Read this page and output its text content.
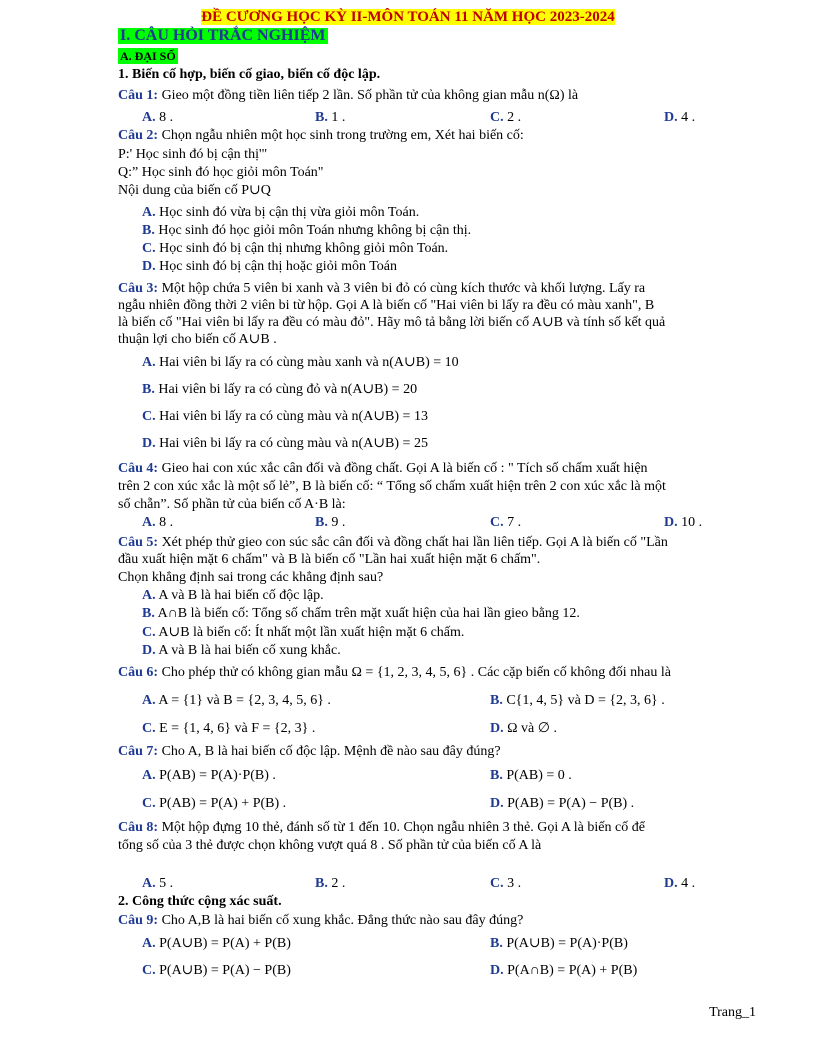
ĐỀ CƯƠNG HỌC KỲ II-MÔN TOÁN 11 NĂM HỌC 2023-2024
I. CÂU HỎI TRẮC NGHIỆM
A. ĐẠI SỐ
1. Biến cố hợp, biến cố giao, biến cố độc lập.
Câu 1: Gieo một đồng tiền liên tiếp 2 lần. Số phần tử của không gian mẫu n(Ω) là
A. 8 .	B. 1 .	C. 2 .	D. 4 .
Câu 2: Chọn ngẫu nhiên một học sinh trong trường em, Xét hai biến cố:
P:' Học sinh đó bị cận thị'"
Q:” Học sinh đó học giỏi môn Toán"
Nội dung của biến cố P∪Q
A. Học sinh đó vừa bị cận thị vừa giỏi môn Toán.
B. Học sinh đó học giỏi môn Toán nhưng không bị cận thị.
C. Học sinh đó bị cận thị nhưng không giỏi môn Toán.
D. Học sinh đó bị cận thị hoặc giỏi môn Toán
Câu 3: Một hộp chứa 5 viên bi xanh và 3 viên bi đỏ có cùng kích thước và khối lượng. Lấy ra
ngẫu nhiên đồng thời 2 viên bi từ hộp. Gọi A là biến cố "Hai viên bi lấy ra đều có màu xanh", B
là biến cố "Hai viên bi lấy ra đều có màu đỏ". Hãy mô tả bằng lời biến cố A∪B và tính số kết quả
thuận lợi cho biến cố A∪B .
A. Hai viên bi lấy ra có cùng màu xanh và n(A∪B) = 10
B. Hai viên bi lấy ra có cùng đỏ và n(A∪B) = 20
C. Hai viên bi lấy ra có cùng màu và n(A∪B) = 13
D. Hai viên bi lấy ra có cùng màu và n(A∪B) = 25
Câu 4: Gieo hai con xúc xắc cân đối và đồng chất. Gọi A là biến cố : " Tích số chấm xuất hiện
trên 2 con xúc xắc là một số lẻ”, B là biến cố: “ Tổng số chấm xuất hiện trên 2 con xúc xắc là một
số chẵn”. Số phần tử của biến cố A·B là:
A. 8 .	B. 9 .	C. 7 .	D. 10 .
Câu 5: Xét phép thử gieo con súc sắc cân đối và đồng chất hai lần liên tiếp. Gọi A là biến cố "Lần
đầu xuất hiện mặt 6 chấm" và B là biến cố "Lần hai xuất hiện mặt 6 chấm".
Chọn khẳng định sai trong các khẳng định sau?
A. A và B là hai biến cố độc lập.
B. A∩B là biến cố: Tổng số chấm trên mặt xuất hiện của hai lần gieo bằng 12.
C. A∪B là biến cố: Ít nhất một lần xuất hiện mặt 6 chấm.
D. A và B là hai biến cố xung khắc.
Câu 6: Cho phép thử có không gian mẫu Ω = {1, 2, 3, 4, 5, 6} . Các cặp biến cố không đối nhau là
A. A = {1} và B = {2, 3, 4, 5, 6} .	B. C{1, 4, 5} và D = {2, 3, 6} .
C. E = {1, 4, 6} và F = {2, 3} .	D. Ω và ∅ .
Câu 7: Cho A, B là hai biến cố độc lập. Mệnh đề nào sau đây đúng?
A. P(AB) = P(A)·P(B) .	B. P(AB) = 0 .
C. P(AB) = P(A) + P(B) .	D. P(AB) = P(A) − P(B) .
Câu 8: Một hộp đựng 10 thẻ, đánh số từ 1 đến 10. Chọn ngẫu nhiên 3 thẻ. Gọi A là biến cố để
tổng số của 3 thẻ được chọn không vượt quá 8 . Số phần tử của biến cố A là
A. 5 .	B. 2 .	C. 3 .	D. 4 .
2. Công thức cộng xác suất.
Câu 9: Cho A,B là hai biến cố xung khắc. Đẳng thức nào sau đây đúng?
A. P(A∪B) = P(A) + P(B)	B. P(A∪B) = P(A)·P(B)
C. P(A∪B) = P(A) − P(B)	D. P(A∩B) = P(A) + P(B)
Trang_1
